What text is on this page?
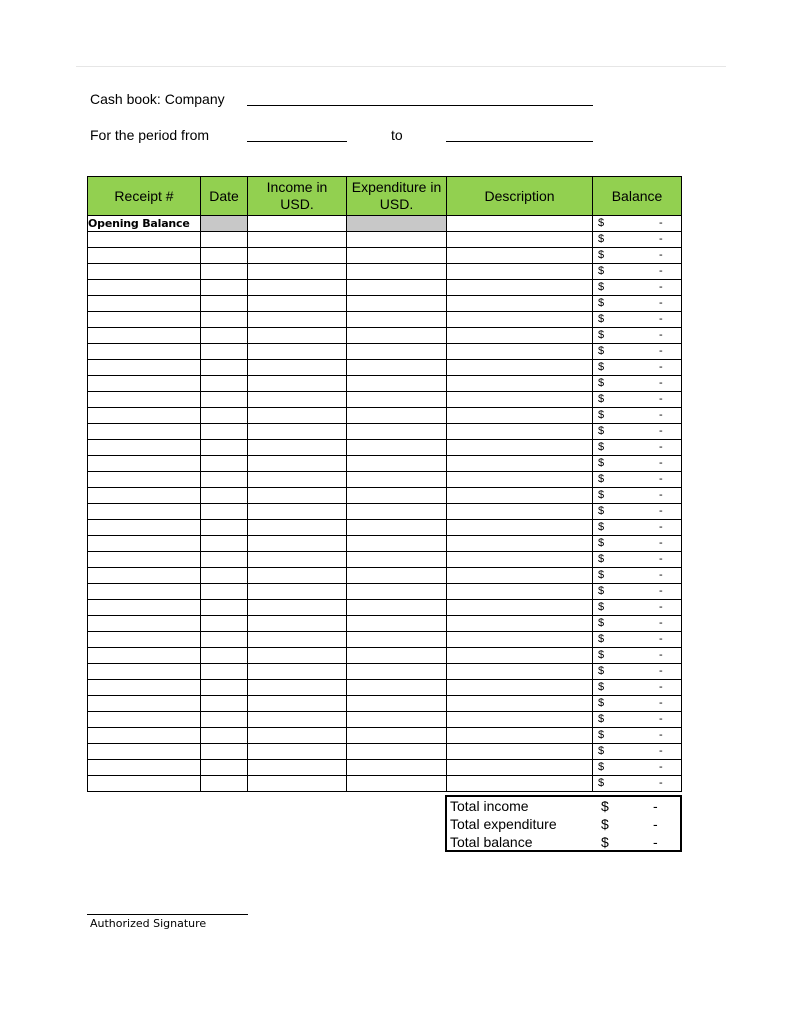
Cash book: Company
For the period from	to
Receipt #	Date	Income in USD.	Expenditure in USD.	Description	Balance
Opening Balance					$ -

					$ -

					$ -

					$ -

					$ -

					$ -

					$ -

					$ -

					$ -

					$ -

					$ -

					$ -

					$ -

					$ -

					$ -

					$ -

					$ -

					$ -

					$ -

					$ -

					$ -

					$ -

					$ -

					$ -

					$ -

					$ -

					$ -

					$ -

					$ -

					$ -

					$ -

					$ -

					$ -

					$ -

					$ -

					$ -
Total income	$	-
Total expenditure	$	-
Total balance	$	-
Authorized Signature
